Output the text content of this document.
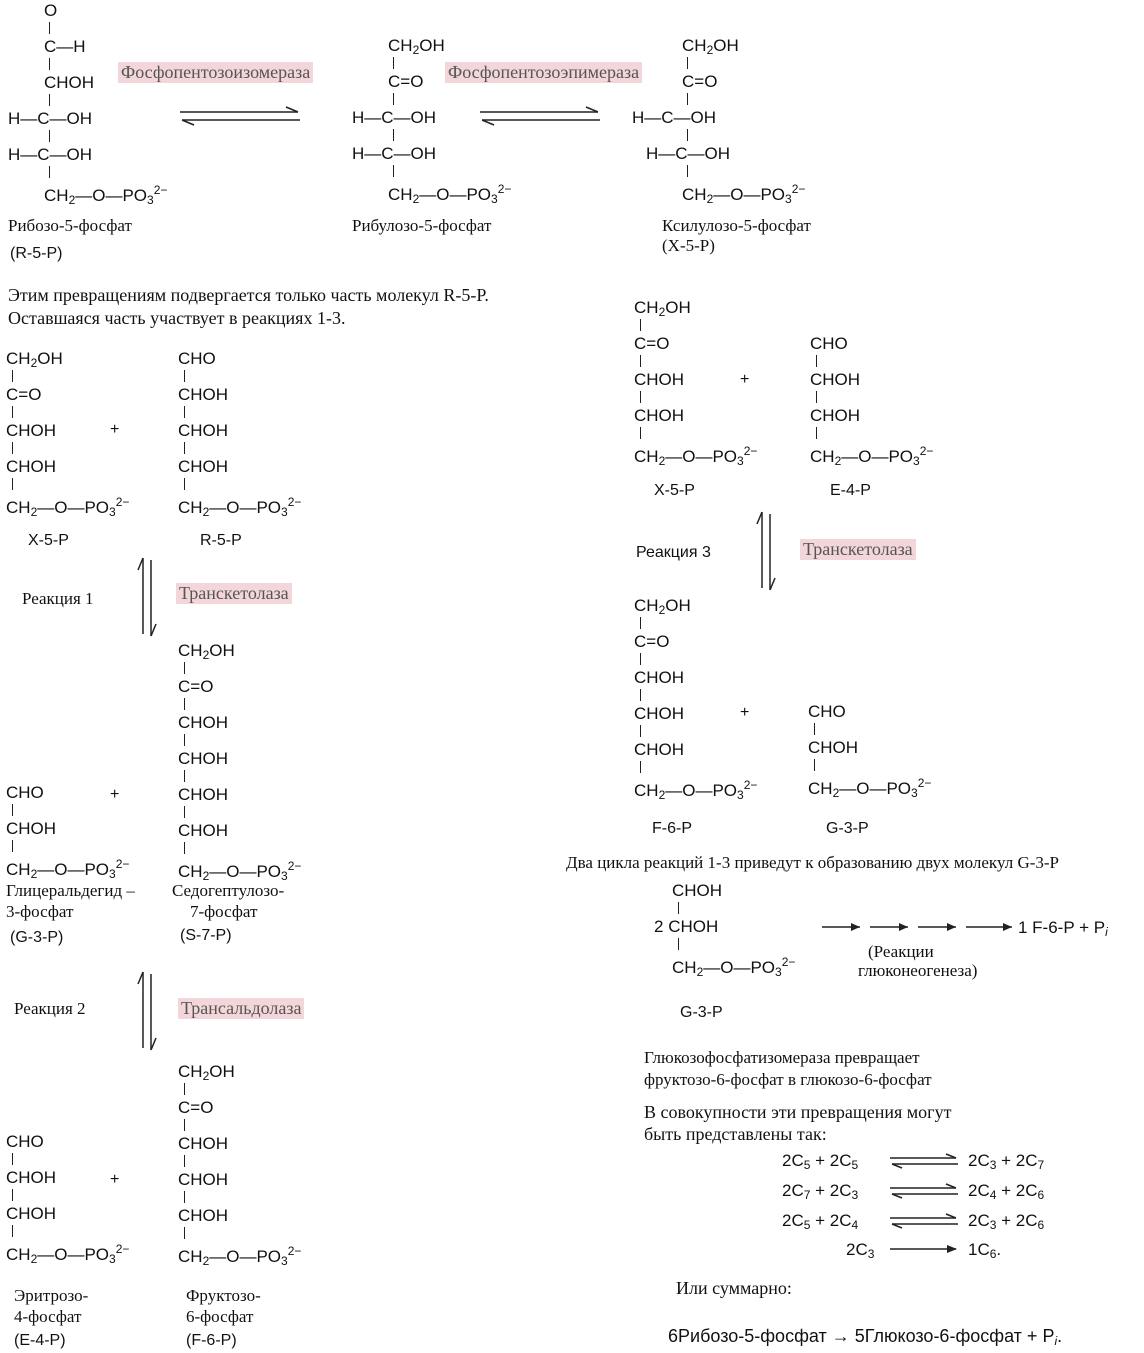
O
C—H
CHOH
H—C—OH
H—C—OH
$CH_2—O—PO_3^{2-}$
Рибозо-5-фосфат
(R-5-P)
Фосфопентозоизомераза
$CH_2OH$
C=O
H—C—OH
H—C—OH
$CH_2—O—PO_3^{2-}$
Рибулозо-5-фосфат
Фосфопентозоэпимераза
$CH_2OH$
C=O
H—C—OH
H—C—OH
$CH_2—O—PO_3^{2-}$
Ксилулозо-5-фосфат
(X-5-P)
Этим превращениям подвергается только часть молекул R-5-P.
Оставшаяся часть участвует в реакциях 1-3.
$CH_2OH$
C=O
CHOH
CHOH
$CH_2—O—PO_3^{2-}$
+
CHO
CHOH
CHOH
CHOH
$CH_2—O—PO_3^{2-}$
X-5-P	R-5-P
Реакция 1	Транскетолаза
$CH_2OH$
C=O
CHOH
CHOH
CHOH
CHOH
$CH_2—O—PO_3^{2-}$
CHO
CHOH
$CH_2—O—PO_3^{2-}$
+
Глицеральдегид –
3-фосфат
(G-3-P)
Седогептулозо-
7-фосфат
(S-7-P)
Реакция 2	Трансальдолаза
$CH_2OH$
C=O
CHOH
CHOH
CHOH
$CH_2—O—PO_3^{2-}$
CHO
CHOH
CHOH
$CH_2—O—PO_3^{2-}$
+
Эритрозо-
4-фосфат
(E-4-P)
Фруктозо-
6-фосфат
(F-6-P)
$CH_2OH$
C=O
CHOH
CHOH
$CH_2—O—PO_3^{2-}$
+
CHO
CHOH
CHOH
$CH_2—O—PO_3^{2-}$
X-5-P	E-4-P
Реакция 3	Транскетолаза
$CH_2OH$
C=O
CHOH
CHOH
CHOH
$CH_2—O—PO_3^{2-}$
+	CHO
CHOH
$CH_2—O—PO_3^{2-}$
F-6-P	G-3-P
Два цикла реакций 1-3 приведут к образованию двух молекул G-3-P
CHOH
2 CHOH
$CH_2—O—PO_3^{2-}$
1 $F-6-P + P_i$
(Реакции
глюконеогенеза)
G-3-P
Глюкозофосфатизомераза превращает
фруктозо-6-фосфат в глюкозо-6-фосфат
В совокупности эти превращения могут
быть представлены так:
$2C_5 + 2C_5$	$2C_3 + 2C_7$
$2C_7 + 2C_3$	$2C_4 + 2C_6$
$2C_5 + 2C_4$	$2C_3 + 2C_6$
$2C_3$	$1C_6$.
Или суммарно:
6Рибозо-5-фосфат → 5Глюкозо-6-фосфат + $P_i$.
